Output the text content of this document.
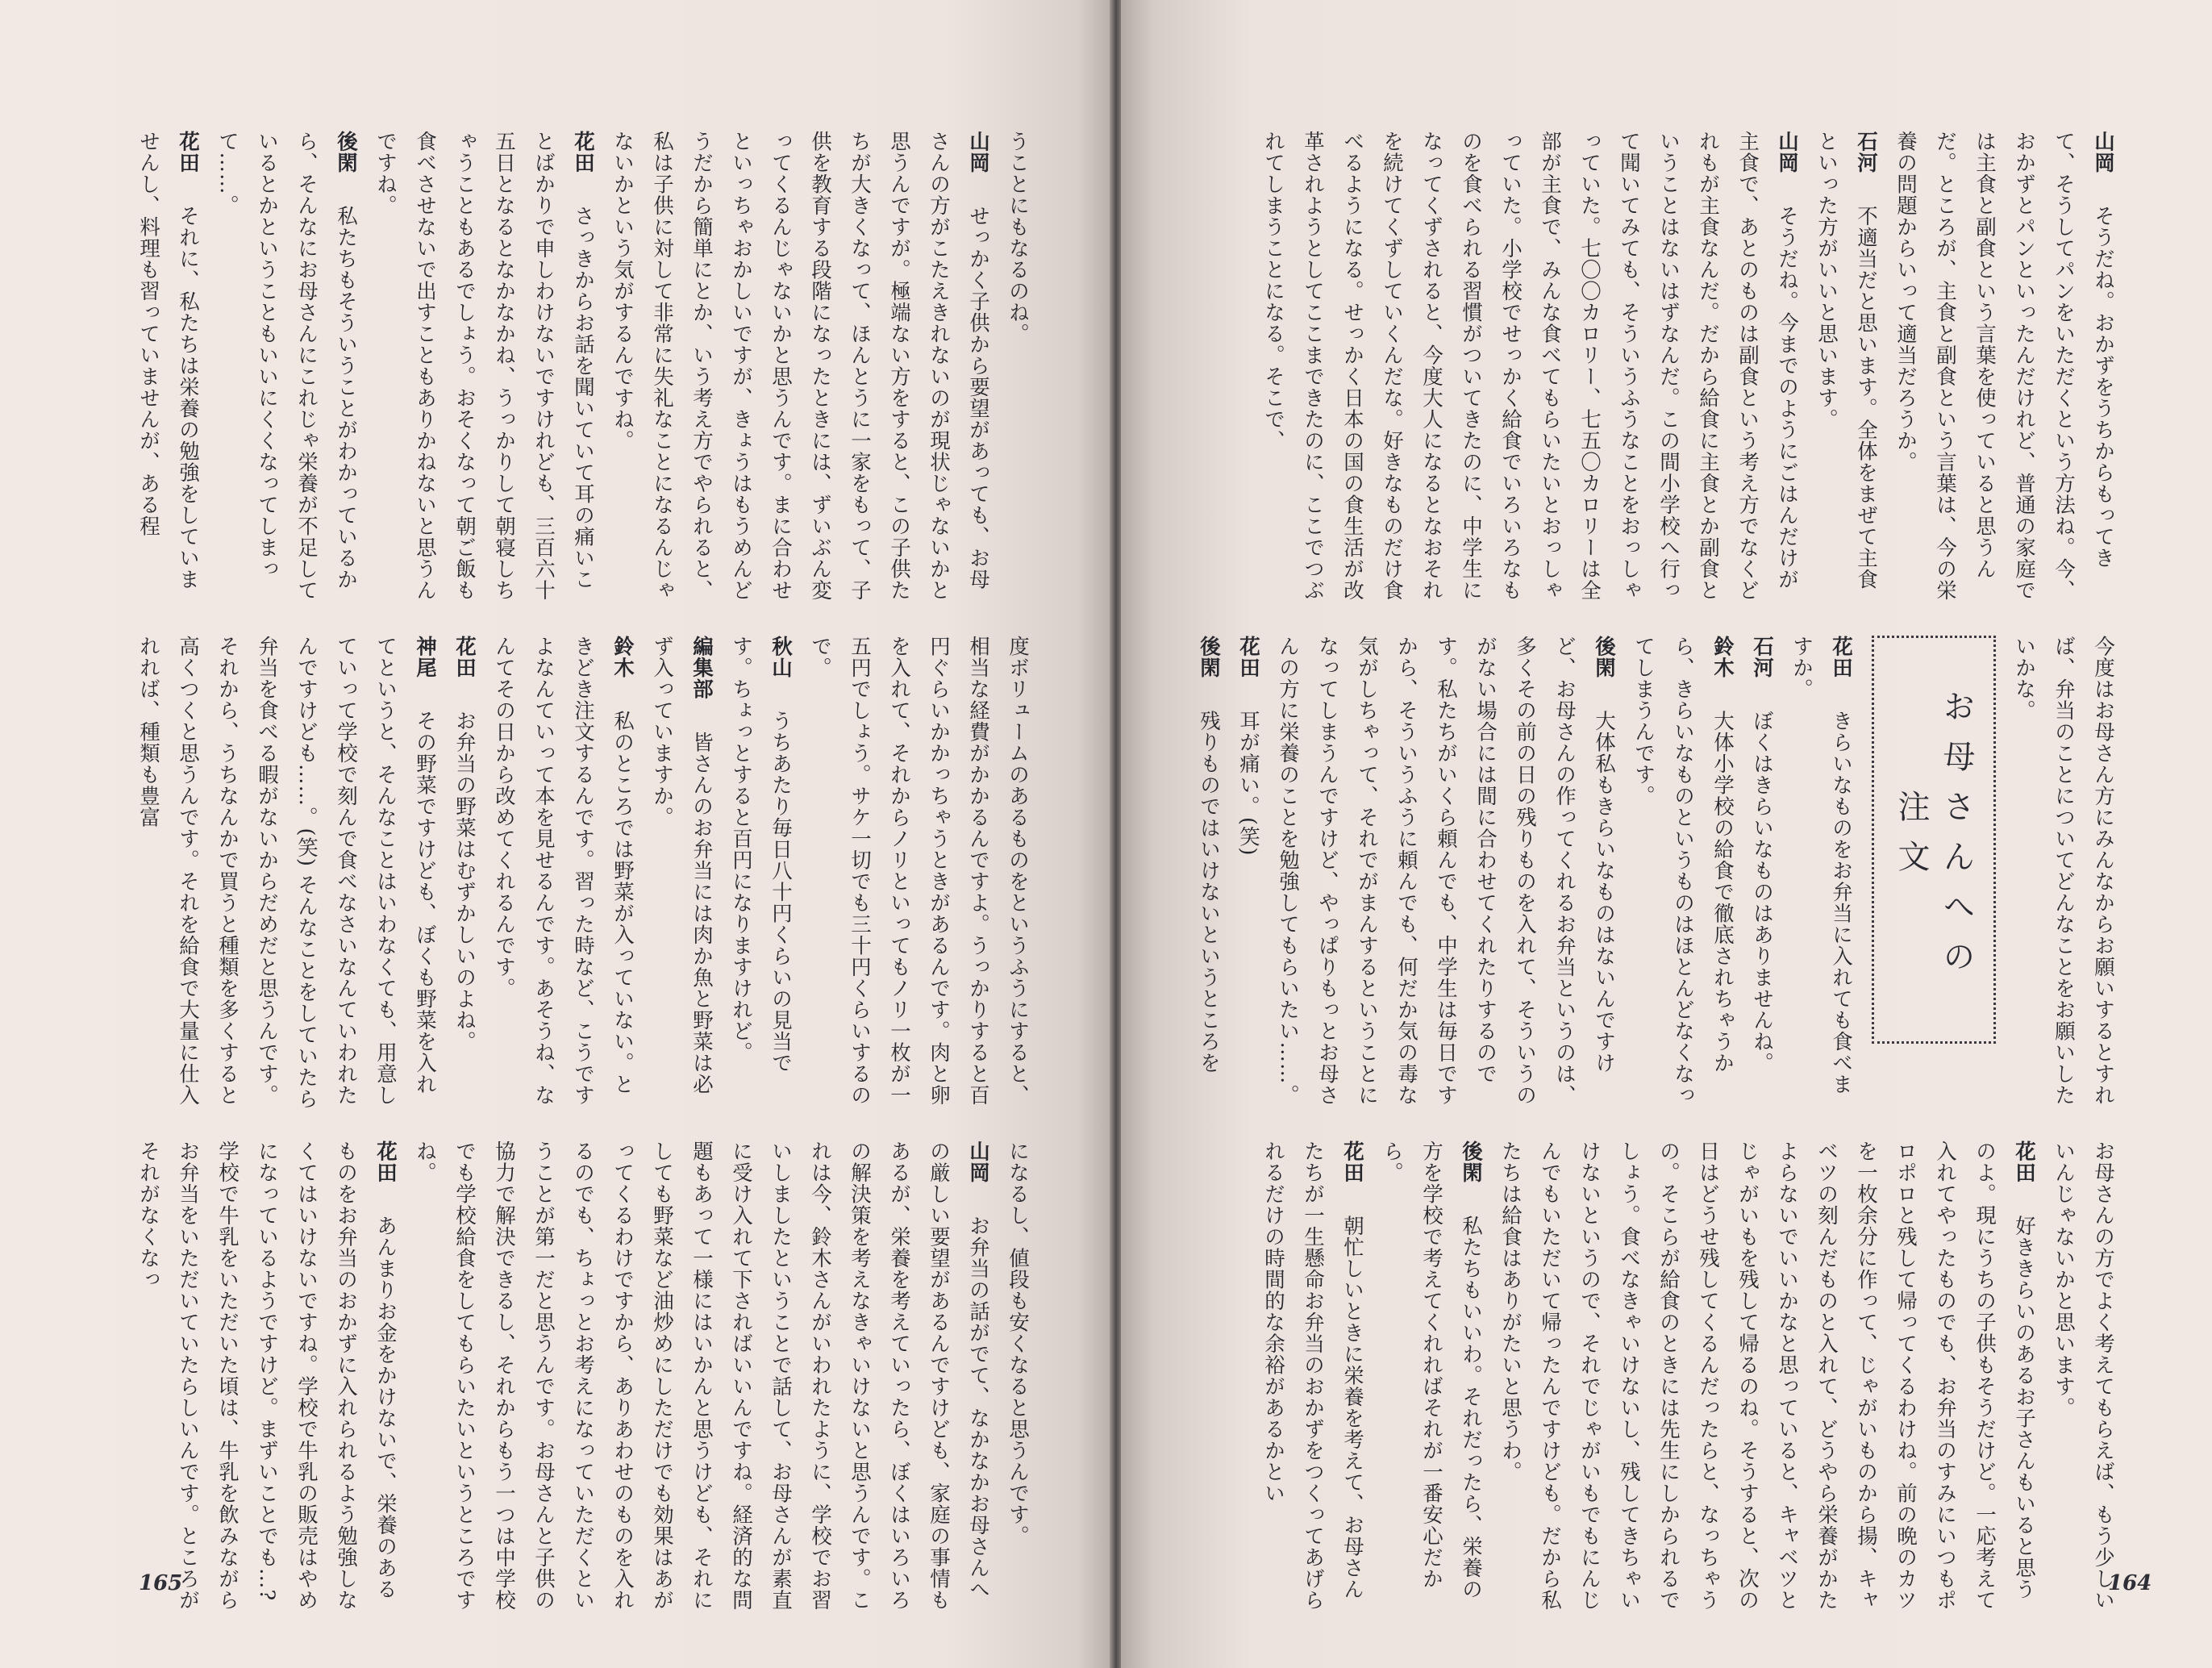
うことにもなるのね。
山岡　せっかく子供から要望があっても、お母さんの方がこたえきれないのが現状じゃないかと思うんですが。極端ない方をすると、この子供たちが大きくなって、ほんとうに一家をもって、子供を教育する段階になったときには、ずいぶん変ってくるんじゃないかと思うんです。まに合わせといっちゃおかしいですが、きょうはもうめんどうだから簡単にとか、いう考え方でやられると、私は子供に対して非常に失礼なことになるんじゃないかという気がするんですね。
花田　さっきからお話を聞いていて耳の痛いことばかりで申しわけないですけれども、三百六十五日となるとなかなかね、うっかりして朝寝しちゃうこともあるでしょう。おそくなって朝ご飯も食べさせないで出すこともありかねないと思うんですね。
後閑　私たちもそういうことがわかっているから、そんなにお母さんにこれじゃ栄養が不足しているとかということもいいにくくなってしまって……。
花田　それに、私たちは栄養の勉強をしていませんし、料理も習っていませんが、ある程
度ボリュームのあるものをというふうにすると、相当な経費がかかるんですよ。うっかりすると百円ぐらいかかっちゃうときがあるんです。肉と卵を入れて、それからノリといってもノリ一枚が一五円でしょう。サケ一切でも三十円くらいするので。
秋山　うちあたり毎日八十円くらいの見当です。ちょっとすると百円になりますけれど。
編集部　皆さんのお弁当には肉か魚と野菜は必ず入っていますか。
鈴木　私のところでは野菜が入っていない。ときどき注文するんです。習った時など、こうですよなんていって本を見せるんです。あそうね、なんてその日から改めてくれるんです。
花田　お弁当の野菜はむずかしいのよね。
神尾　その野菜ですけども、ぼくも野菜を入れてというと、そんなことはいわなくても、用意していって学校で刻んで食べなさいなんていわれたんですけども……。(笑) そんなことをしていたら弁当を食べる暇がないからだめだと思うんです。それから、うちなんかで買うと種類を多くすると高くつくと思うんです。それを給食で大量に仕入れれば、種類も豊富
になるし、値段も安くなると思うんです。
山岡　お弁当の話がでて、なかなかお母さんへの厳しい要望があるんですけども、家庭の事情もあるが、栄養を考えていったら、ぼくはいろいろの解決策を考えなきゃいけないと思うんです。これは今、鈴木さんがいわれたように、学校でお習いしましたということで話して、お母さんが素直に受け入れて下さればいいんですね。経済的な問題もあって一様にはいかんと思うけども、それにしても野菜など油炒めにしただけでも効果はあがってくるわけですから、ありあわせのものを入れるのでも、ちょっとお考えになっていただくということが第一だと思うんです。お母さんと子供の協力で解決できるし、それからもう一つは中学校でも学校給食をしてもらいたいというところですね。
花田　あんまりお金をかけないで、栄養のあるものをお弁当のおかずに入れられるよう勉強しなくてはいけないですね。学校で牛乳の販売はやめになっているようですけど。まずいことでも…? 学校で牛乳をいただいた頃は、牛乳を飲みながらお弁当をいただいていたらしいんです。ところがそれがなくなっ
165
山岡　そうだね。おかずをうちからもってきて、そうしてパンをいただくという方法ね。今、おかずとパンといったんだけれど、普通の家庭では主食と副食という言葉を使っていると思うんだ。ところが、主食と副食という言葉は、今の栄養の問題からいって適当だろうか。
石河　不適当だと思います。全体をまぜて主食といった方がいいと思います。
山岡　そうだね。今までのようにごはんだけが主食で、あとのものは副食という考え方でなくどれもが主食なんだ。だから給食に主食とか副食ということはないはずなんだ。この間小学校へ行って聞いてみても、そういうふうなことをおっしゃっていた。七〇〇カロリー、七五〇カロリーは全部が主食で、みんな食べてもらいたいとおっしゃっていた。小学校でせっかく給食でいろいろなものを食べられる習慣がついてきたのに、中学生になってくずされると、今度大人になるとなおそれを続けてくずしていくんだな。好きなものだけ食べるようになる。せっかく日本の国の食生活が改革されようとしてここまできたのに、ここでつぶれてしまうことになる。そこで、
今度はお母さん方にみんなからお願いするとすれば、弁当のことについてどんなことをお願いしたいかな。
お母さんへの注文
花田　きらいなものをお弁当に入れても食べますか。
石河　ぼくはきらいなものはありませんね。
鈴木　大体小学校の給食で徹底されちゃうから、きらいなものというものはほとんどなくなってしまうんです。
後閑　大体私もきらいなものはないんですけど、お母さんの作ってくれるお弁当というのは、多くその前の日の残りものを入れて、そういうのがない場合には間に合わせてくれたりするのです。私たちがいくら頼んでも、中学生は毎日ですから、そういうふうに頼んでも、何だか気の毒な気がしちゃって、それでがまんするということになってしまうんですけど、やっぱりもっとお母さんの方に栄養のことを勉強してもらいたい……。
花田　耳が痛い。(笑)
後閑　残りものではいけないというところを
お母さんの方でよく考えてもらえば、もう少しいいんじゃないかと思います。
花田　好ききらいのあるお子さんもいると思うのよ。現にうちの子供もそうだけど。一応考えて入れてやったものでも、お弁当のすみにいつもポロポロと残して帰ってくるわけね。前の晩のカツを一枚余分に作って、じゃがいものから揚、キャベツの刻んだものと入れて、どうやら栄養がかたよらないでいいかなと思っていると、キャベツとじゃがいもを残して帰るのね。そうすると、次の日はどうせ残してくるんだったらと、なっちゃうの。そこらが給食のときには先生にしかられるでしょう。食べなきゃいけないし、残してきちゃいけないというので、それでじゃがいもでもにんじんでもいただいて帰ったんですけども。だから私たちは給食はありがたいと思うわ。
後閑　私たちもいいわ。それだったら、栄養の方を学校で考えてくれればそれが一番安心だから。
花田　朝忙しいときに栄養を考えて、お母さんたちが一生懸命お弁当のおかずをつくってあげられるだけの時間的な余裕があるかとい
164
